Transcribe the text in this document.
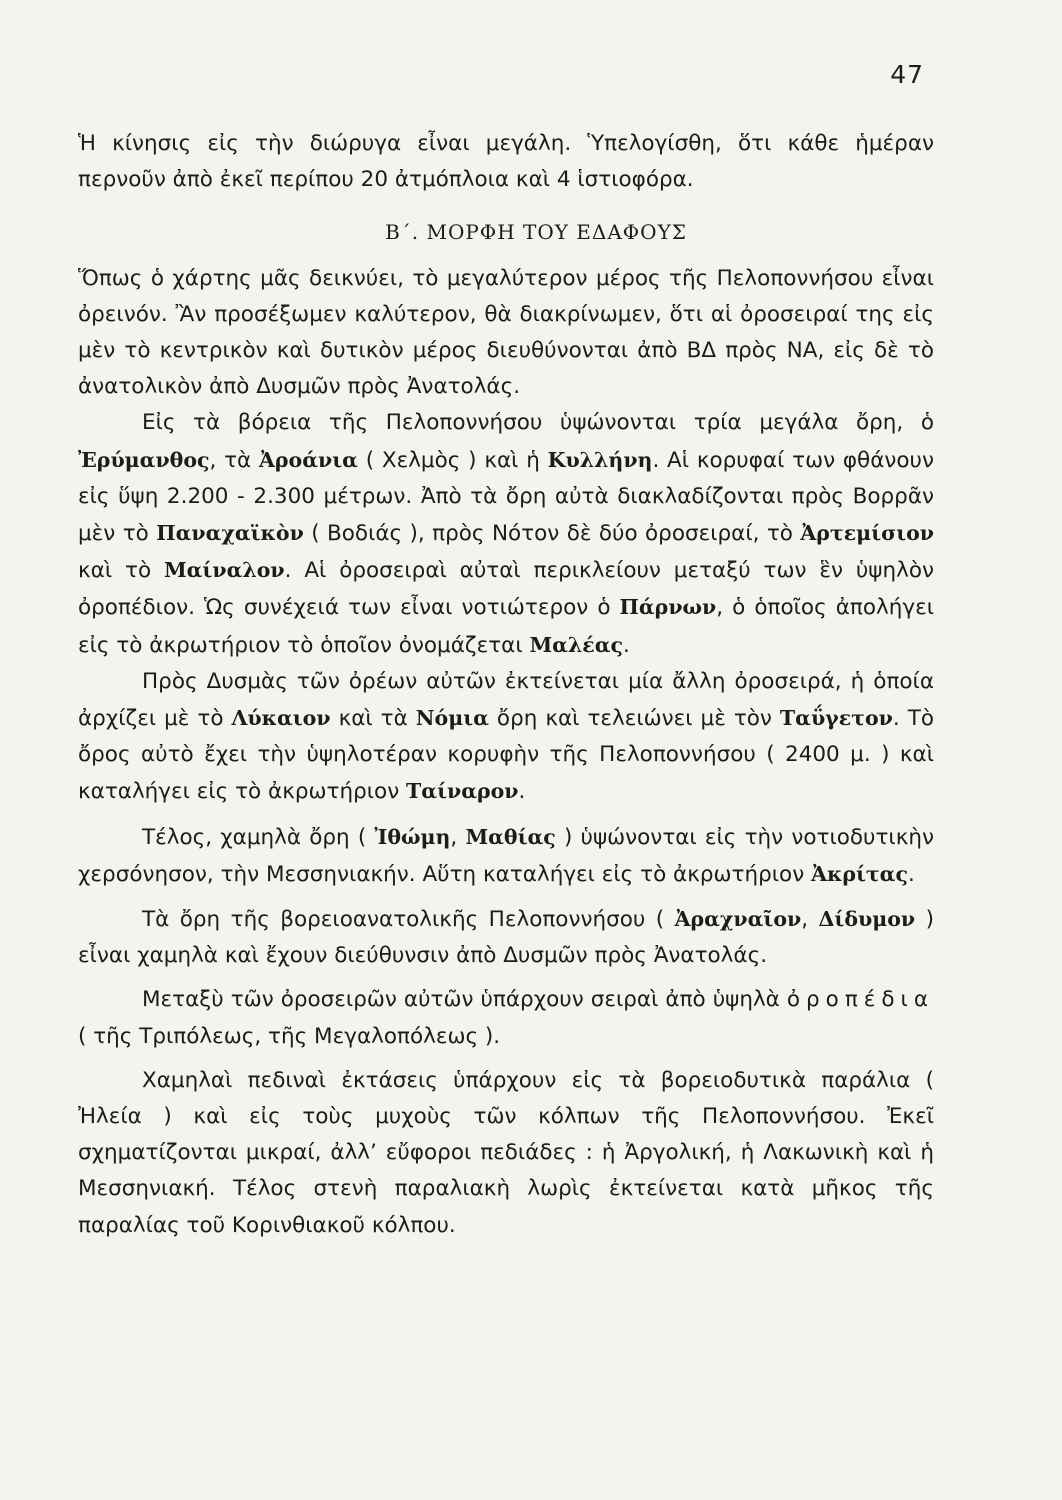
47

Ἡ κίνησις εἰς τὴν διώρυγα εἶναι μεγάλη. Ὑπελογίσθη, ὅτι κάθε ἡμέραν περνοῦν ἀπὸ ἐκεῖ περίπου 20 ἀτμόπλοια καὶ 4 ἱστιοφόρα.

Β΄. ΜΟΡΦΗ ΤΟΥ ΕΔΑΦΟΥΣ

Ὅπως ὁ χάρτης μᾶς δεικνύει, τὸ μεγαλύτερον μέρος τῆς Πελοποννήσου εἶναι ὀρεινόν. Ἂν προσέξωμεν καλύτερον, θὰ διακρίνωμεν, ὅτι αἱ ὀροσειραί της εἰς μὲν τὸ κεντρικὸν καὶ δυτικὸν μέρος διευθύνονται ἀπὸ ΒΔ πρὸς ΝΑ, εἰς δὲ τὸ ἀνατολικὸν ἀπὸ Δυσμῶν πρὸς Ἀνατολάς.

Εἰς τὰ βόρεια τῆς Πελοποννήσου ὑψώνονται τρία μεγάλα ὄρη, ὁ Ἐρύμανθος, τὰ Ἀροάνια ( Χελμὸς ) καὶ ἡ Κυλλήνη. Αἱ κορυφαί των φθάνουν εἰς ὕψη 2.200 - 2.300 μέτρων. Ἀπὸ τὰ ὄρη αὐτὰ διακλαδίζονται πρὸς Βορρᾶν μὲν τὸ Παναχαϊκὸν ( Βοδιάς ), πρὸς Νότον δὲ δύο ὀροσειραί, τὸ Ἀρτεμίσιον καὶ τὸ Μαίναλον. Αἱ ὀροσειραὶ αὐταὶ περικλείουν μεταξύ των ἓν ὑψηλὸν ὀροπέδιον. Ὡς συνέχειά των εἶναι νοτιώτερον ὁ Πάρνων, ὁ ὁποῖος ἀπολήγει εἰς τὸ ἀκρωτήριον τὸ ὁποῖον ὀνομάζεται Μαλέας.

Πρὸς Δυσμὰς τῶν ὀρέων αὐτῶν ἐκτείνεται μία ἄλλη ὀροσειρά, ἡ ὁποία ἀρχίζει μὲ τὸ Λύκαιον καὶ τὰ Νόμια ὄρη καὶ τελειώνει μὲ τὸν Ταΰγετον. Τὸ ὄρος αὐτὸ ἔχει τὴν ὑψηλοτέραν κορυφὴν τῆς Πελοποννήσου ( 2400 μ. ) καὶ καταλήγει εἰς τὸ ἀκρωτήριον Ταίναρον.

Τέλος, χαμηλὰ ὄρη ( Ἰθώμη, Μαθίας ) ὑψώνονται εἰς τὴν νοτιοδυτικὴν χερσόνησον, τὴν Μεσσηνιακήν. Αὕτη καταλήγει εἰς τὸ ἀκρωτήριον Ἀκρίτας.

Τὰ ὄρη τῆς βορειοανατολικῆς Πελοποννήσου ( Ἀραχναῖον, Δίδυμον ) εἶναι χαμηλὰ καὶ ἔχουν διεύθυνσιν ἀπὸ Δυσμῶν πρὸς Ἀνατολάς.

Μεταξὺ τῶν ὀροσειρῶν αὐτῶν ὑπάρχουν σειραὶ ἀπὸ ὑψηλὰ ὀροπέδια ( τῆς Τριπόλεως, τῆς Μεγαλοπόλεως ).

Χαμηλαὶ πεδιναὶ ἐκτάσεις ὑπάρχουν εἰς τὰ βορειοδυτικὰ παράλια ( Ἠλεία ) καὶ εἰς τοὺς μυχοὺς τῶν κόλπων τῆς Πελοποννήσου. Ἐκεῖ σχηματίζονται μικραί, ἀλλ’ εὔφοροι πεδιάδες : ἡ Ἀργολική, ἡ Λακωνικὴ καὶ ἡ Μεσσηνιακή. Τέλος στενὴ παραλιακὴ λωρὶς ἐκτείνεται κατὰ μῆκος τῆς παραλίας τοῦ Κορινθιακοῦ κόλπου.
